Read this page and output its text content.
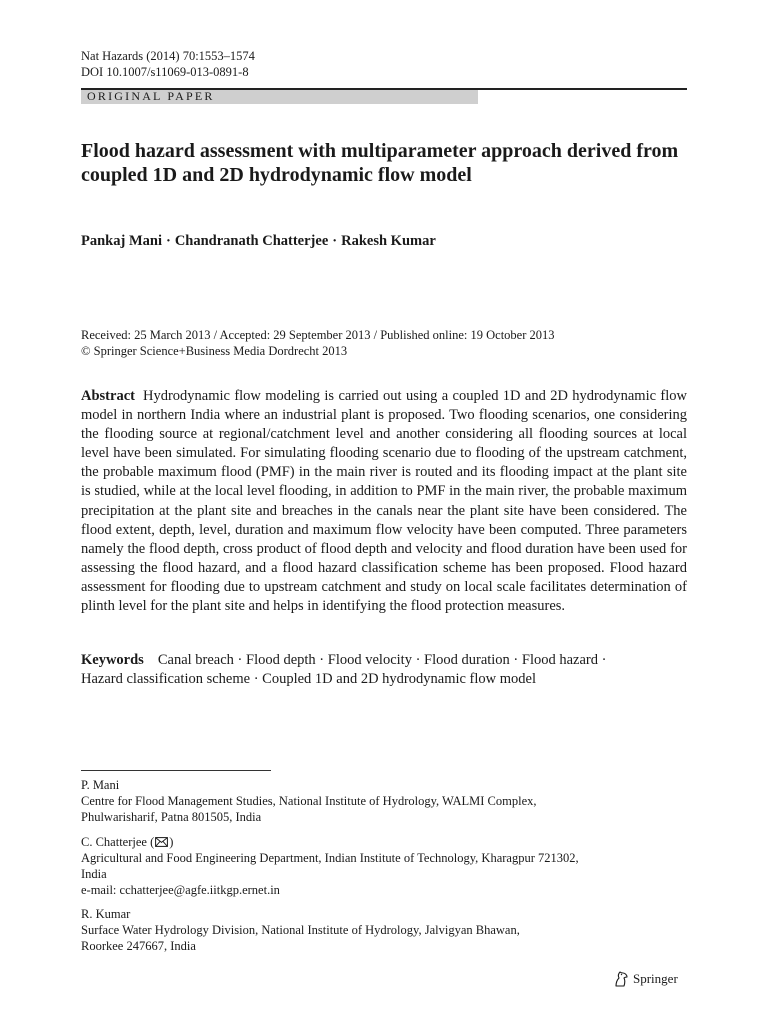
Nat Hazards (2014) 70:1553–1574
DOI 10.1007/s11069-013-0891-8
ORIGINAL PAPER
Flood hazard assessment with multiparameter approach derived from coupled 1D and 2D hydrodynamic flow model
Pankaj Mani · Chandranath Chatterjee · Rakesh Kumar
Received: 25 March 2013 / Accepted: 29 September 2013 / Published online: 19 October 2013
© Springer Science+Business Media Dordrecht 2013

Abstract Hydrodynamic flow modeling is carried out using a coupled 1D and 2D hydrodynamic flow model in northern India where an industrial plant is proposed. Two flooding scenarios, one considering the flooding source at regional/catchment level and another considering all flooding sources at local level have been simulated. For simulating flooding scenario due to flooding of the upstream catchment, the probable maximum flood (PMF) in the main river is routed and its flooding impact at the plant site is studied, while at the local level flooding, in addition to PMF in the main river, the probable maximum precipitation at the plant site and breaches in the canals near the plant site have been considered. The flood extent, depth, level, duration and maximum flow velocity have been computed. Three parameters namely the flood depth, cross product of flood depth and velocity and flood duration have been used for assessing the flood hazard, and a flood hazard classification scheme has been proposed. Flood hazard assessment for flooding due to upstream catchment and study on local scale facilitates determination of plinth level for the plant site and helps in identifying the flood protection measures.

Keywords Canal breach · Flood depth · Flood velocity · Flood duration · Flood hazard · Hazard classification scheme · Coupled 1D and 2D hydrodynamic flow model

P. Mani
Centre for Flood Management Studies, National Institute of Hydrology, WALMI Complex,
Phulwarisharif, Patna 801505, India
C. Chatterjee ( )
Agricultural and Food Engineering Department, Indian Institute of Technology, Kharagpur 721302,
India
e-mail: cchatterjee@agfe.iitkgp.ernet.in
R. Kumar
Surface Water Hydrology Division, National Institute of Hydrology, Jalvigyan Bhawan,
Roorkee 247667, India
Springer
